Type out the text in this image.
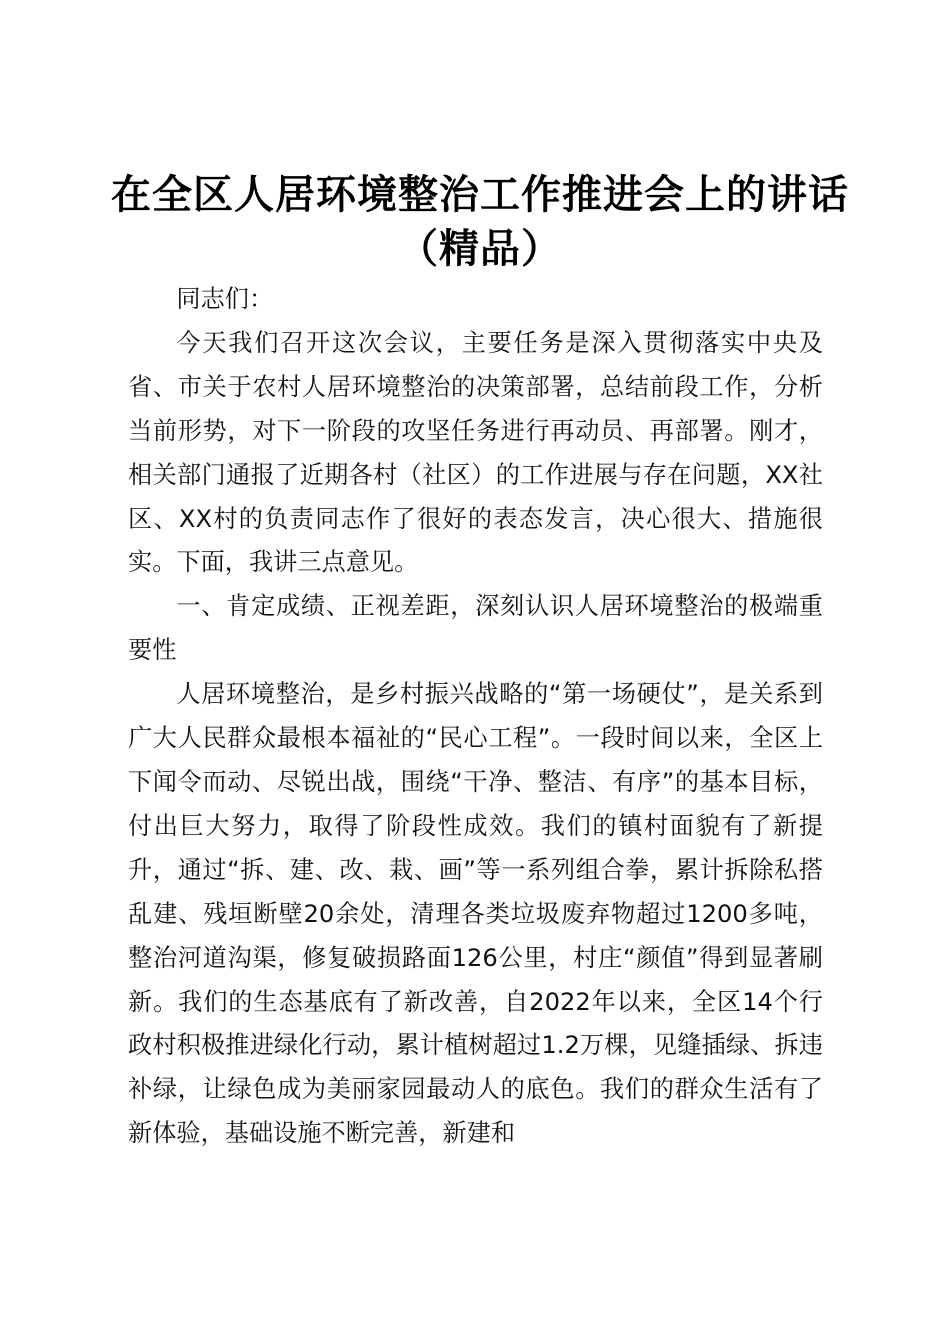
在全区人居环境整治工作推进会上的讲话（精品）

同志们：

今天我们召开这次会议，主要任务是深入贯彻落实中央及省、市关于农村人居环境整治的决策部署，总结前段工作，分析当前形势，对下一阶段的攻坚任务进行再动员、再部署。刚才，相关部门通报了近期各村（社区）的工作进展与存在问题，XX社区、XX村的负责同志作了很好的表态发言，决心很大、措施很实。下面，我讲三点意见。

一、肯定成绩、正视差距，深刻认识人居环境整治的极端重要性

人居环境整治，是乡村振兴战略的“第一场硬仗”，是关系到广大人民群众最根本福祉的“民心工程”。一段时间以来，全区上下闻令而动、尽锐出战，围绕“干净、整洁、有序”的基本目标，付出巨大努力，取得了阶段性成效。我们的镇村面貌有了新提升，通过“拆、建、改、栽、画”等一系列组合拳，累计拆除私搭乱建、残垣断壁20余处，清理各类垃圾废弃物超过1200多吨，整治河道沟渠，修复破损路面126公里，村庄“颜值”得到显著刷新。我们的生态基底有了新改善，自2022年以来，全区14个行政村积极推进绿化行动，累计植树超过1.2万棵，见缝插绿、拆违补绿，让绿色成为美丽家园最动人的底色。我们的群众生活有了新体验，基础设施不断完善，新建和
